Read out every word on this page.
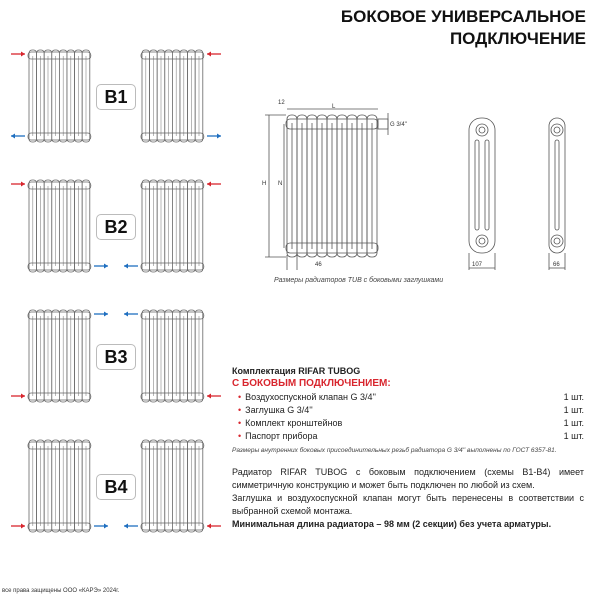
БОКОВОЕ УНИВЕРСАЛЬНОЕ
ПОДКЛЮЧЕНИЕ
B1
B2
B3
B4
12
L
G 3/4''
H N
46	107	66
Размеры радиаторов TUB с боковыми заглушками
Комплектация RIFAR TUBOG
С БОКОВЫМ ПОДКЛЮЧЕНИЕМ:
• Воздухоспускной клапан G 3/4''	1 шт.
• Заглушка G 3/4''	1 шт.
• Комплект кронштейнов	1 шт.
• Паспорт прибора	1 шт.
Размеры внутренних боковых присоединительных резьб радиатора G 3/4'' выполнены по ГОСТ 6357-81.
Радиатор RIFAR TUBOG с боковым подключением (схемы B1-B4) имеет симметричную конструкцию и может быть подключен по любой из схем.
Заглушка и воздухоспускной клапан могут быть перенесены в соответствии с выбранной схемой монтажа.
Минимальная длина радиатора – 98 мм (2 секции) без учета арматуры.
все права защищены ООО «КАРЭ» 2024г.
